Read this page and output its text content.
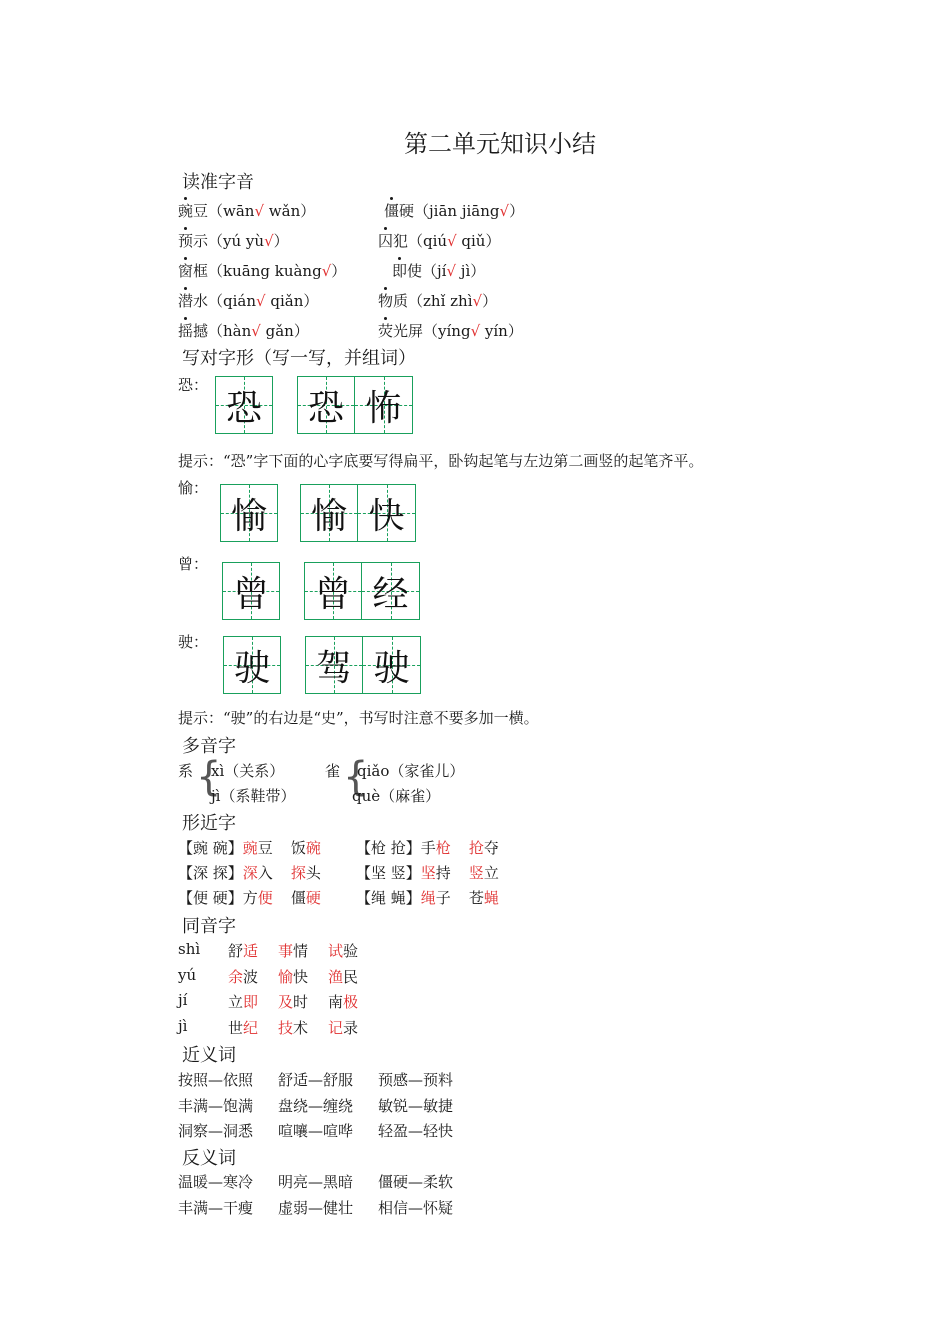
第二单元知识小结
读准字音
豌豆（wān√ wǎn）	僵硬（jiān jiāng√）
预示（yú yù√）	囚犯（qiú√ qiǔ）
窗框（kuāng kuàng√）	即使（jí√ jì）
潜水（qián√ qiǎn）	物质（zhǐ zhì√）
摇撼（hàn√ gǎn）	荧光屏（yíng√ yín）
写对字形（写一写，并组词）
恐：
恐 恐 怖
愉：
愉 愉 快
曾：
曾 曾 经
驶：
驶 驾 驶
提示：“恐”字下面的心字底要写得扁平，卧钩起笔与左边第二画竖的起笔齐平。
提示：“驶”的右边是“史”，书写时注意不要多加一横。
多音字
系 {
xì（关系）
jì（系鞋带）
雀 {
qiǎo（家雀儿）
què（麻雀）
形近字
【豌 碗】豌豆 饭碗 【枪 抢】手枪 抢夺
【深 探】深入 探头 【坚 竖】坚持 竖立
【便 硬】方便 僵硬 【绳 蝇】绳子 苍蝇
同音字
shì 舒适 事情 试验
yú 余波 愉快 渔民
jí	立即 及时 南极
jì	世纪 技术 记录
近义词
按照—依照 舒适—舒服 预感—预料
丰满—饱满 盘绕—缠绕 敏锐—敏捷
洞察—洞悉 喧嚷—喧哗 轻盈—轻快
反义词
温暖—寒冷 明亮—黑暗 僵硬—柔软
丰满—干瘦 虚弱—健壮 相信—怀疑
